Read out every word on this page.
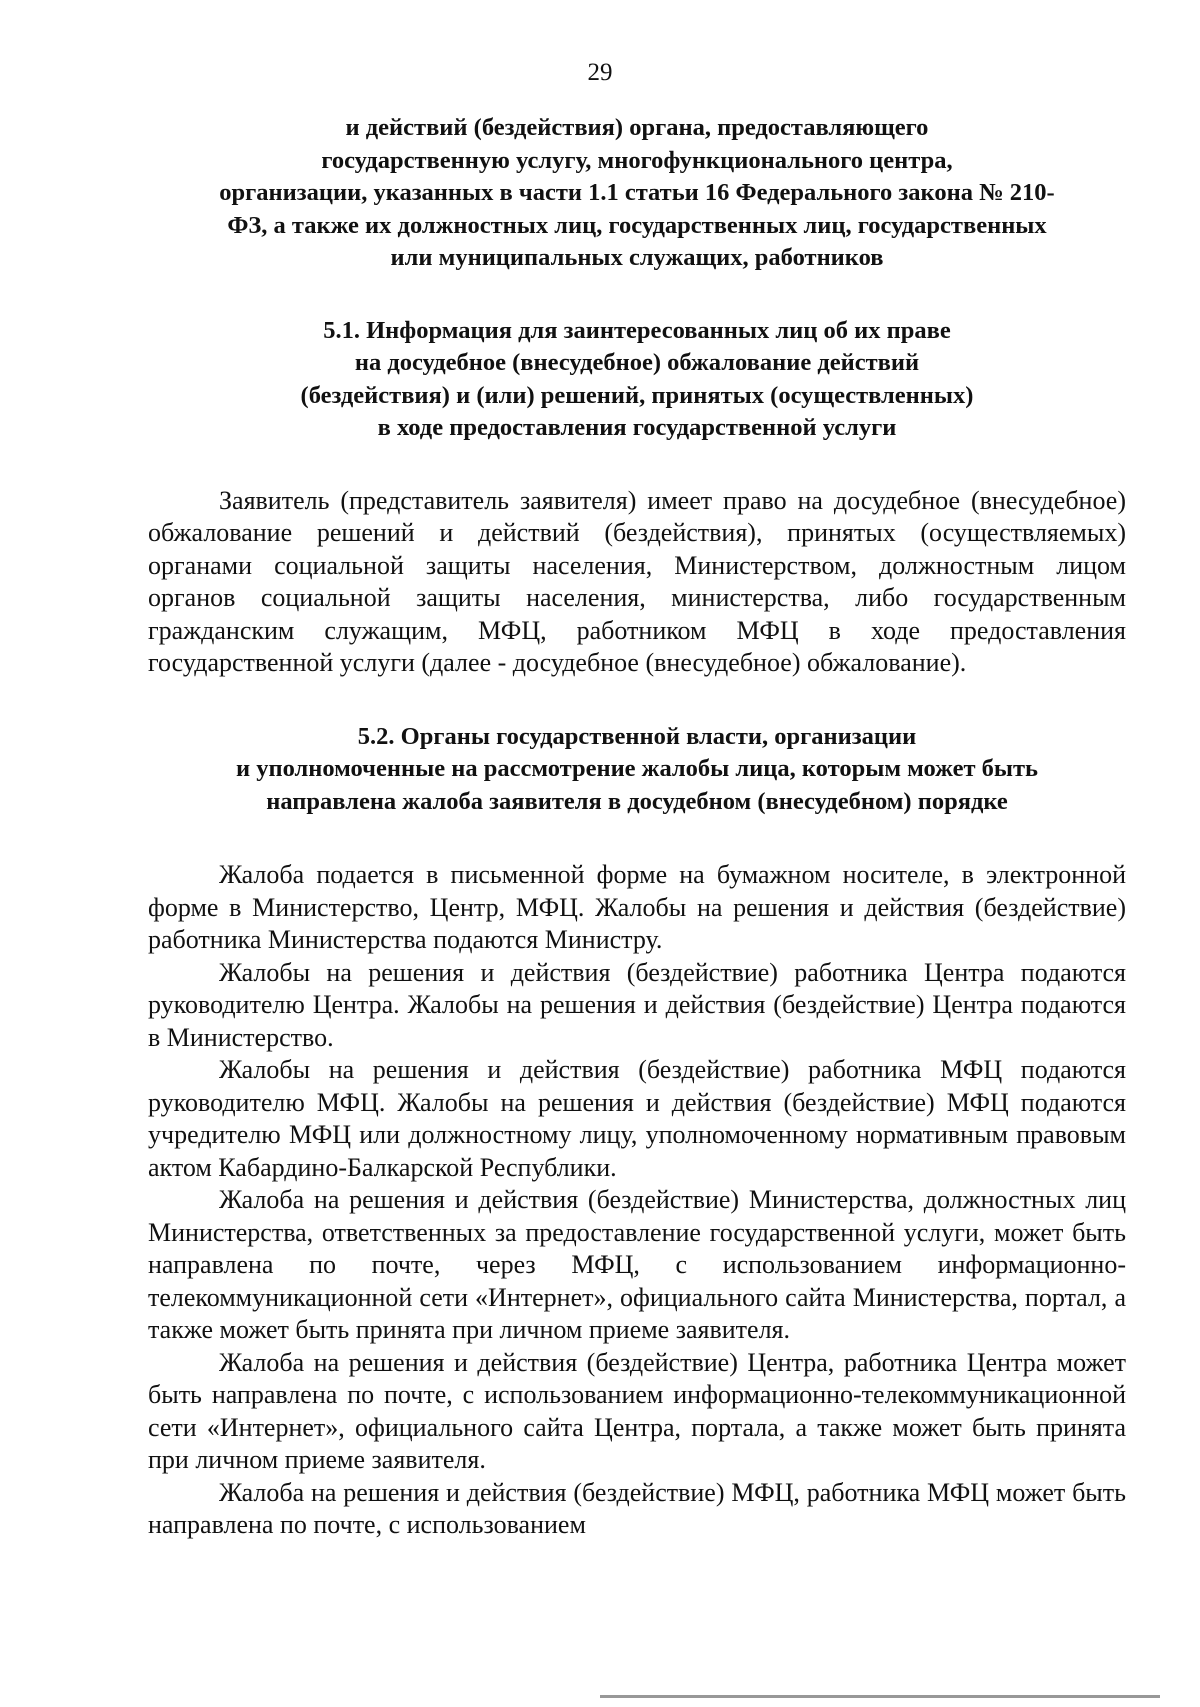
29
и действий (бездействия) органа, предоставляющего
государственную услугу, многофункционального центра,
организации, указанных в части 1.1 статьи 16 Федерального закона № 210-
ФЗ, а также их должностных лиц, государственных лиц, государственных
или муниципальных служащих, работников
5.1. Информация для заинтересованных лиц об их праве
на досудебное (внесудебное) обжалование действий
(бездействия) и (или) решений, принятых (осуществленных)
в ходе предоставления государственной услуги

Заявитель (представитель заявителя) имеет право на досудебное (внесудебное) обжалование решений и действий (бездействия), принятых (осуществляемых) органами социальной защиты населения, Министерством, должностным лицом органов социальной защиты населения, министерства, либо государственным гражданским служащим, МФЦ, работником МФЦ в ходе предоставления государственной услуги (далее - досудебное (внесудебное) обжалование).

5.2. Органы государственной власти, организации
и уполномоченные на рассмотрение жалобы лица, которым может быть
направлена жалоба заявителя в досудебном (внесудебном) порядке

Жалоба подается в письменной форме на бумажном носителе, в электронной форме в Министерство, Центр, МФЦ. Жалобы на решения и действия (бездействие) работника Министерства подаются Министру.

Жалобы на решения и действия (бездействие) работника Центра подаются руководителю Центра. Жалобы на решения и действия (бездействие) Центра подаются в Министерство.

Жалобы на решения и действия (бездействие) работника МФЦ подаются руководителю МФЦ. Жалобы на решения и действия (бездействие) МФЦ подаются учредителю МФЦ или должностному лицу, уполномоченному нормативным правовым актом Кабардино-Балкарской Республики.

Жалоба на решения и действия (бездействие) Министерства, должностных лиц Министерства, ответственных за предоставление государственной услуги, может быть направлена по почте, через МФЦ, с использованием информационно-телекоммуникационной сети «Интернет», официального сайта Министерства, портал, а также может быть принята при личном приеме заявителя.

Жалоба на решения и действия (бездействие) Центра, работника Центра может быть направлена по почте, с использованием информационно-телекоммуникационной сети «Интернет», официального сайта Центра, портала, а также может быть принята при личном приеме заявителя.

Жалоба на решения и действия (бездействие) МФЦ, работника МФЦ может быть направлена по почте, с использованием
